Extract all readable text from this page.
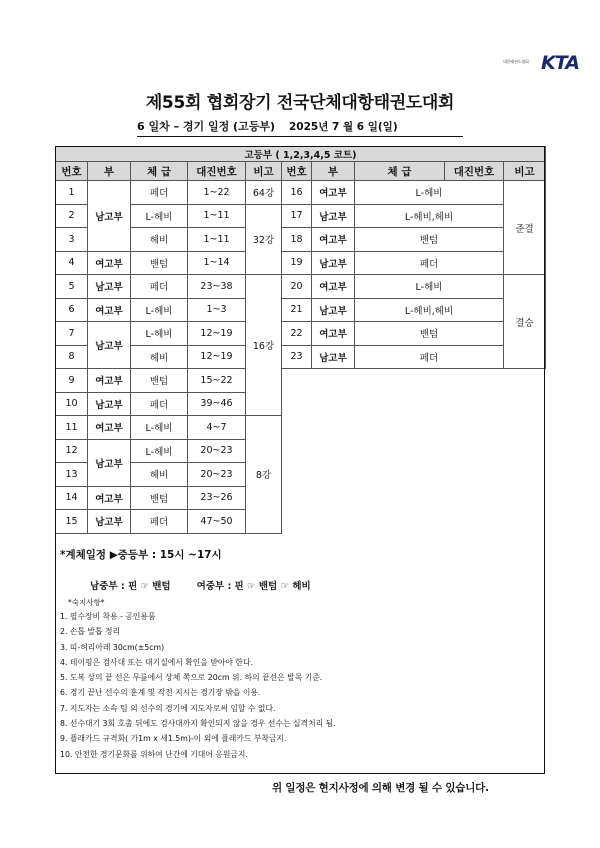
대한태권도협회 KTA
제55회 협회장기 전국단체대항태권도대회
6 일차 – 경기 일정 (고등부) 2025년 7 월 6 일(일)
고등부 ( 1,2,3,4,5 코트)									
번호	부	체 급	대진번호	비고	번호	부	체 급	대진번호	비고
1	남고부	페더	1~22	64강	16	여고부	L-헤비		준결
2		L-헤비	1~11	32강	17	남고부	L-헤비,헤비		
3		헤비	1~11		18	여고부	밴텀		
4	여고부	밴텀	1~14		19	남고부	페더		
5	남고부	페더	23~38	16강	20	여고부	L-헤비		결승
6	여고부	L-헤비	1~3		21	남고부	L-헤비,헤비		
7	남고부	L-헤비	12~19		22	여고부	밴텀		
8		헤비	12~19		23	남고부	페더		
9	여고부	밴텀	15~22						
10	남고부	페더	39~46						
11	여고부	L-헤비	4~7	8강					
12	남고부	L-헤비	20~23						
13		헤비	20~23						
14	여고부	밴텀	23~26						
15	남고부	페더	47~50						
*계체일정 ▶중등부 : 15시 ~17시
남중부 : 핀 ☞ 밴텀	여중부 : 핀 ☞ 밴텀 ☞ 헤비
*숙지사항*
1. 필수장비 착용 - 공인용품
2. 손톱 발톱 정리
3. 띠-허리아래 30cm(±5cm)
4. 테이핑은 검사대 또는 대기실에서 확인을 받아야 한다.
5. 도복 상의 끝 선은 무릎에서 상체 쪽으로 20cm 위. 하의 끝선은 발목 기준.
6. 경기 끝난 선수의 훈계 및 작전 지시는 경기장 밖을 이용.
7. 지도자는 소속 팀 외 선수의 경기에 지도자로써 임할 수 없다.
8. 선수대기 3회 호출 뒤에도 검사대까지 확인되지 않을 경우 선수는 실격처리 됨.
9. 플래카드 규격화( 가1m x 세1.5m)-이 외에 플래카드 부착금지.
10. 안전한 경기문화를 위하여 난간에 기대어 응원금지.
위 일정은 현지사정에 의해 변경 될 수 있습니다.
